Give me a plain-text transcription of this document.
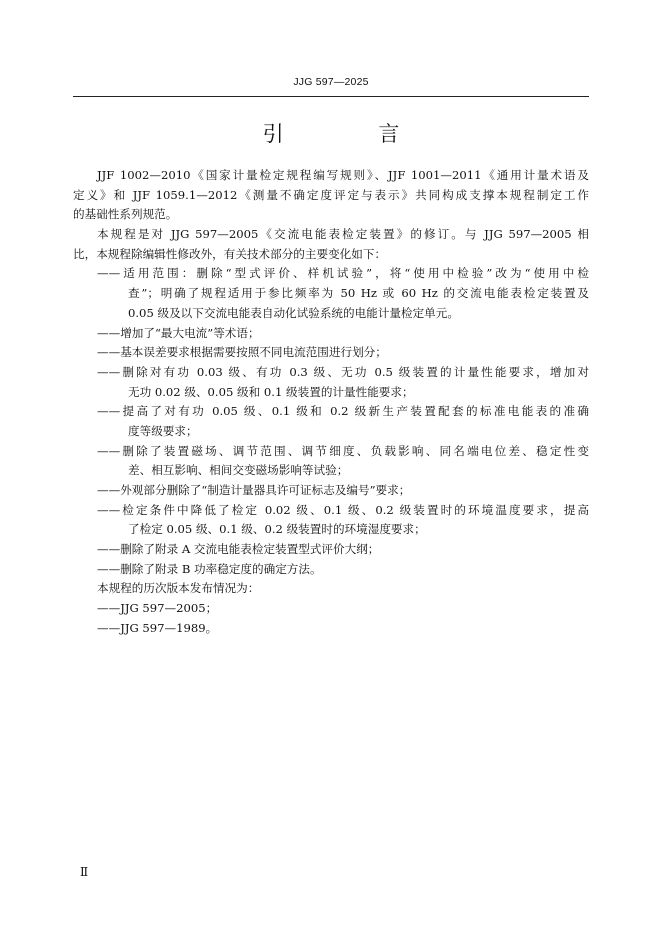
JJG 597—2025
引 言
JJF 1002—2010《国家计量检定规程编写规则》、JJF 1001—2011《通用计量术语及
定义》和 JJF 1059.1—2012《测量不确定度评定与表示》共同构成支撑本规程制定工作
的基础性系列规范。
本规程是对 JJG 597—2005《交流电能表检定装置》的修订。与 JJG 597—2005 相
比，本规程除编辑性修改外，有关技术部分的主要变化如下：
——适用范围：删除“型式评价、样机试验”，将“使用中检验”改为“使用中检
查”；明确了规程适用于参比频率为 50 Hz 或 60 Hz 的交流电能表检定装置及
0.05 级及以下交流电能表自动化试验系统的电能计量检定单元。
——增加了“最大电流”等术语；
——基本误差要求根据需要按照不同电流范围进行划分；
——删除对有功 0.03 级、有功 0.3 级、无功 0.5 级装置的计量性能要求，增加对
无功 0.02 级、0.05 级和 0.1 级装置的计量性能要求；
——提高了对有功 0.05 级、0.1 级和 0.2 级新生产装置配套的标准电能表的准确
度等级要求；
——删除了装置磁场、调节范围、调节细度、负载影响、同名端电位差、稳定性变
差、相互影响、相间交变磁场影响等试验；
——外观部分删除了“制造计量器具许可证标志及编号”要求；
——检定条件中降低了检定 0.02 级、0.1 级、0.2 级装置时的环境温度要求，提高
了检定 0.05 级、0.1 级、0.2 级装置时的环境湿度要求；
——删除了附录 A 交流电能表检定装置型式评价大纲；
——删除了附录 B 功率稳定度的确定方法。
本规程的历次版本发布情况为：
——JJG 597—2005；
——JJG 597—1989。
Ⅱ
